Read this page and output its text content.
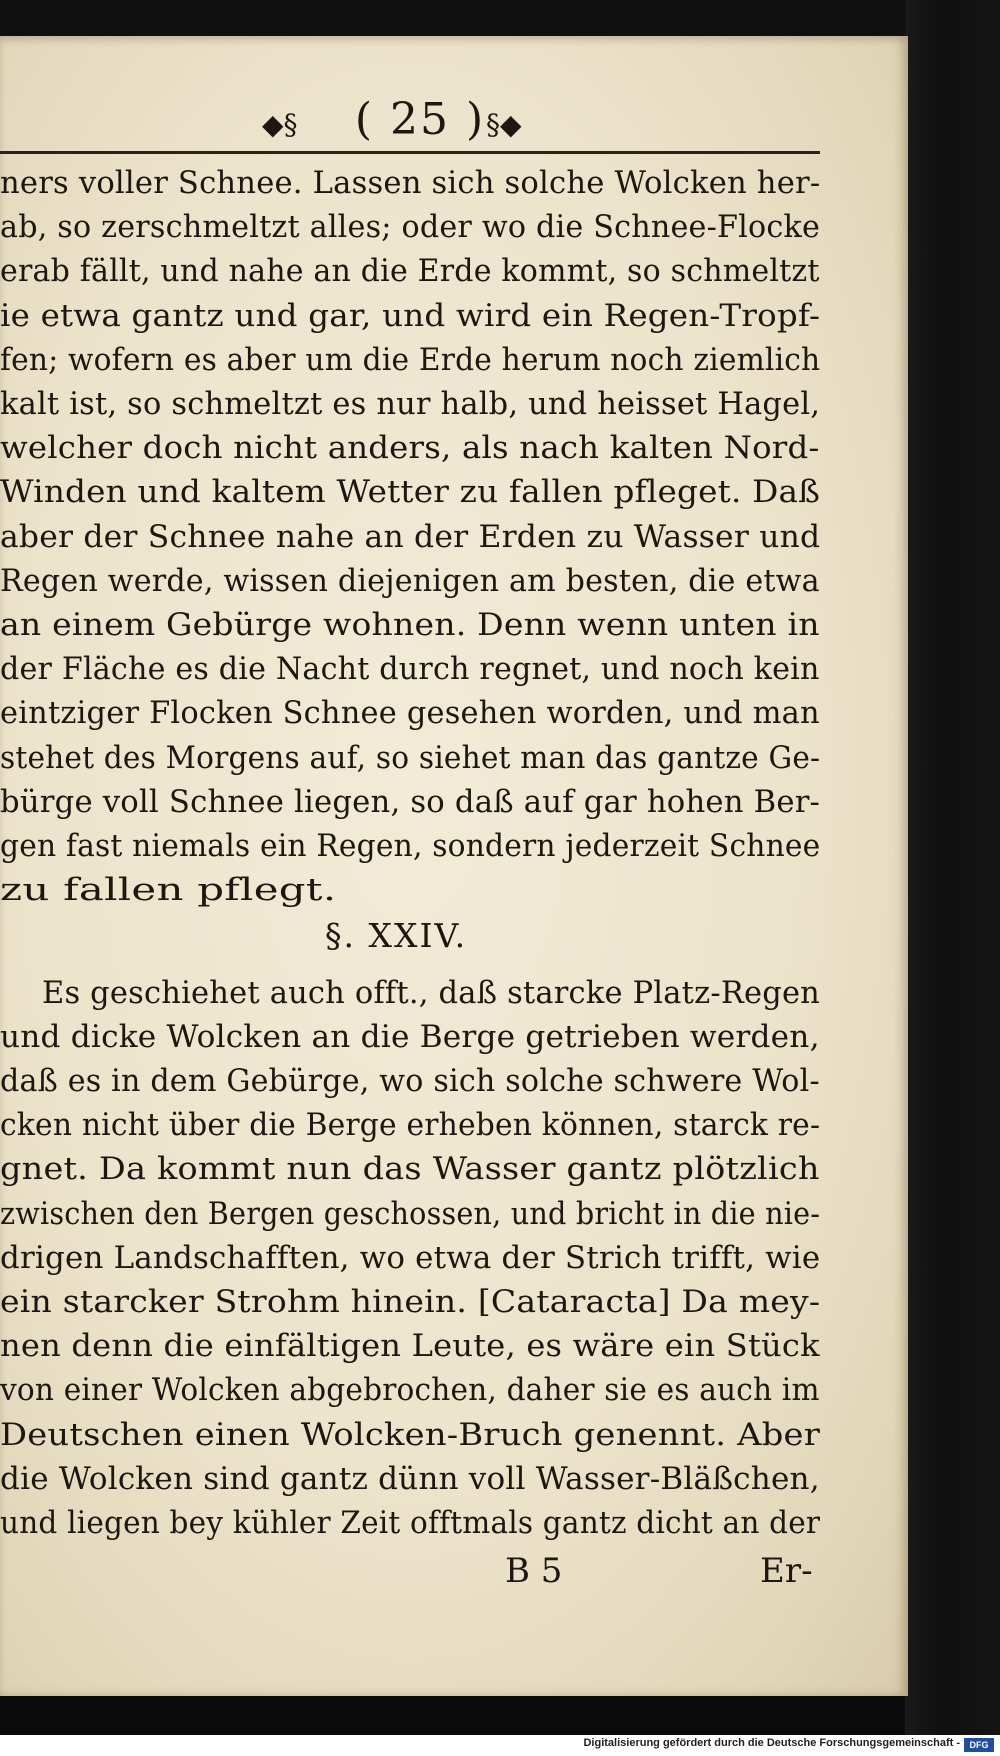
◆§	( 25 ) §◆
ners voller Schnee. Lassen sich solche Wolcken her-
ab, so zerschmeltzt alles; oder wo die Schnee-Flocke
erab fällt, und nahe an die Erde kommt, so schmeltzt
ie etwa gantz und gar, und wird ein Regen-Tropf-
fen; wofern es aber um die Erde herum noch ziemlich
kalt ist, so schmeltzt es nur halb, und heisset Hagel,
welcher doch nicht anders, als nach kalten Nord-
Winden und kaltem Wetter zu fallen pfleget. Daß
aber der Schnee nahe an der Erden zu Wasser und
Regen werde, wissen diejenigen am besten, die etwa
an einem Gebürge wohnen. Denn wenn unten in
der Fläche es die Nacht durch regnet, und noch kein
eintziger Flocken Schnee gesehen worden, und man
stehet des Morgens auf, so siehet man das gantze Ge-
bürge voll Schnee liegen, so daß auf gar hohen Ber-
gen fast niemals ein Regen, sondern jederzeit Schnee
zu fallen pflegt.
§. XXIV.
Es geschiehet auch offt., daß starcke Platz-Regen
und dicke Wolcken an die Berge getrieben werden,
daß es in dem Gebürge, wo sich solche schwere Wol-
cken nicht über die Berge erheben können, starck re-
gnet. Da kommt nun das Wasser gantz plötzlich
zwischen den Bergen geschossen, und bricht in die nie-
drigen Landschafften, wo etwa der Strich trifft, wie
ein starcker Strohm hinein. [Cataracta] Da mey-
nen denn die einfältigen Leute, es wäre ein Stück
von einer Wolcken abgebrochen, daher sie es auch im
Deutschen einen Wolcken-Bruch genennt. Aber
die Wolcken sind gantz dünn voll Wasser-Bläßchen,
und liegen bey kühler Zeit offtmals gantz dicht an der
B 5	Er-
Digitalisierung gefördert durch die Deutsche Forschungsgemeinschaft -	DFG
